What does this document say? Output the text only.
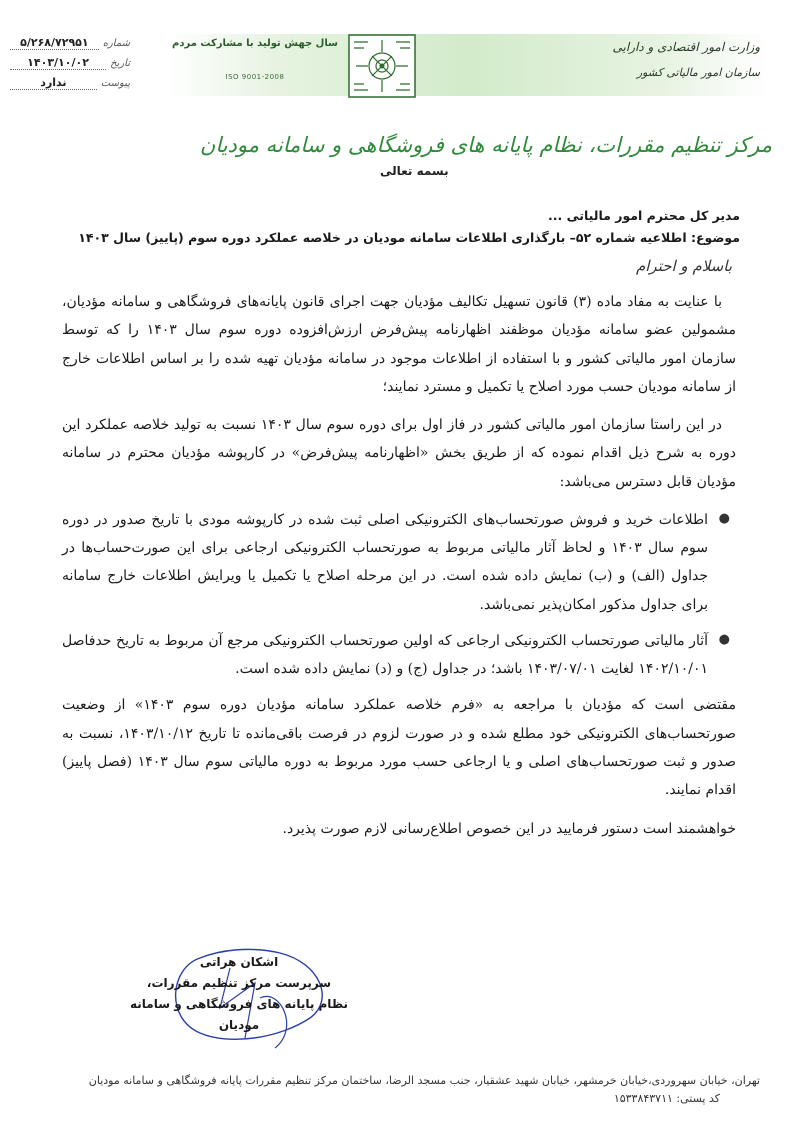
شماره
۵/۲۶۸/۷۲۹۵۱
تاریخ
۱۴۰۳/۱۰/۰۲
پیوست
ندارد
سال جهش تولید با مشارکت مردم
ISO 9001-2008
وزارت امور اقتصادی و دارایی
سازمان امور مالیاتی کشور
مرکز تنظیم مقررات، نظام پایانه های فروشگاهی و سامانه مودیان
بسمه تعالی
مدیر کل محترم امور مالیاتی ...
موضوع: اطلاعیه شماره ۵۲– بارگذاری اطلاعات سامانه مودیان در خلاصه عملکرد دوره سوم (پاییز) سال ۱۴۰۳
باسلام و احترام

با عنایت به مفاد ماده (۳) قانون تسهیل تکالیف مؤدیان جهت اجرای قانون پایانه‌های فروشگاهی و سامانه مؤدیان، مشمولین عضو سامانه مؤدیان موظفند اظهارنامه پیش‌فرض ارزش‌افزوده دوره سوم سال ۱۴۰۳ را که توسط سازمان امور مالیاتی کشور و با استفاده از اطلاعات موجود در سامانه مؤدیان تهیه شده را بر اساس اطلاعات خارج از سامانه مودیان حسب مورد اصلاح یا تکمیل و مسترد نمایند؛

در این راستا سازمان امور مالیاتی کشور در فاز اول برای دوره سوم سال ۱۴۰۳ نسبت به تولید خلاصه عملکرد این دوره به شرح ذیل اقدام نموده که از طریق بخش «اظهارنامه پیش‌فرض» در کارپوشه مؤدیان محترم در سامانه مؤدیان قابل دسترس می‌باشد:

●
اطلاعات خرید و فروش صورتحساب‌های الکترونیکی اصلی ثبت شده در کارپوشه مودی با تاریخ صدور در دوره سوم سال ۱۴۰۳ و لحاظ آثار مالیاتی مربوط به صورتحساب الکترونیکی ارجاعی برای این صورت‌حساب‌ها در جداول (الف) و (ب) نمایش داده شده است. در این مرحله اصلاح یا تکمیل یا ویرایش اطلاعات خارج سامانه برای جداول مذکور امکان‌پذیر نمی‌باشد.
●
آثار مالیاتی صورتحساب الکترونیکی ارجاعی که اولین صورتحساب الکترونیکی مرجع آن مربوط به تاریخ حدفاصل ۱۴۰۲/۱۰/۰۱ لغایت ۱۴۰۳/۰۷/۰۱ باشد؛ در جداول (ج) و (د) نمایش داده شده است.

مقتضی است که مؤدیان با مراجعه به «فرم خلاصه عملکرد سامانه مؤدیان دوره سوم ۱۴۰۳» از وضعیت صورتحساب‌های الکترونیکی خود مطلع شده و در صورت لزوم در فرصت باقی‌مانده تا تاریخ ۱۴۰۳/۱۰/۱۲، نسبت به صدور و ثبت صورتحساب‌های اصلی و یا ارجاعی حسب مورد مربوط به دوره مالیاتی سوم سال ۱۴۰۳ (فصل پاییز) اقدام نمایند.

خواهشمند است دستور فرمایید در این خصوص اطلاع‌رسانی لازم صورت پذیرد.

اشکان هراتی
سرپرست مرکز تنظیم مقررات،
نظام پایانه های فروشگاهی و سامانه مودیان
تهران، خیابان سهروردی،خیابان خرمشهر، خیابان شهید عشقیار، جنب مسجد الرضا، ساختمان مرکز تنظیم مقررات پایانه فروشگاهی و سامانه مودیان
کد پستی: ۱۵۳۳۸۴۳۷۱۱
